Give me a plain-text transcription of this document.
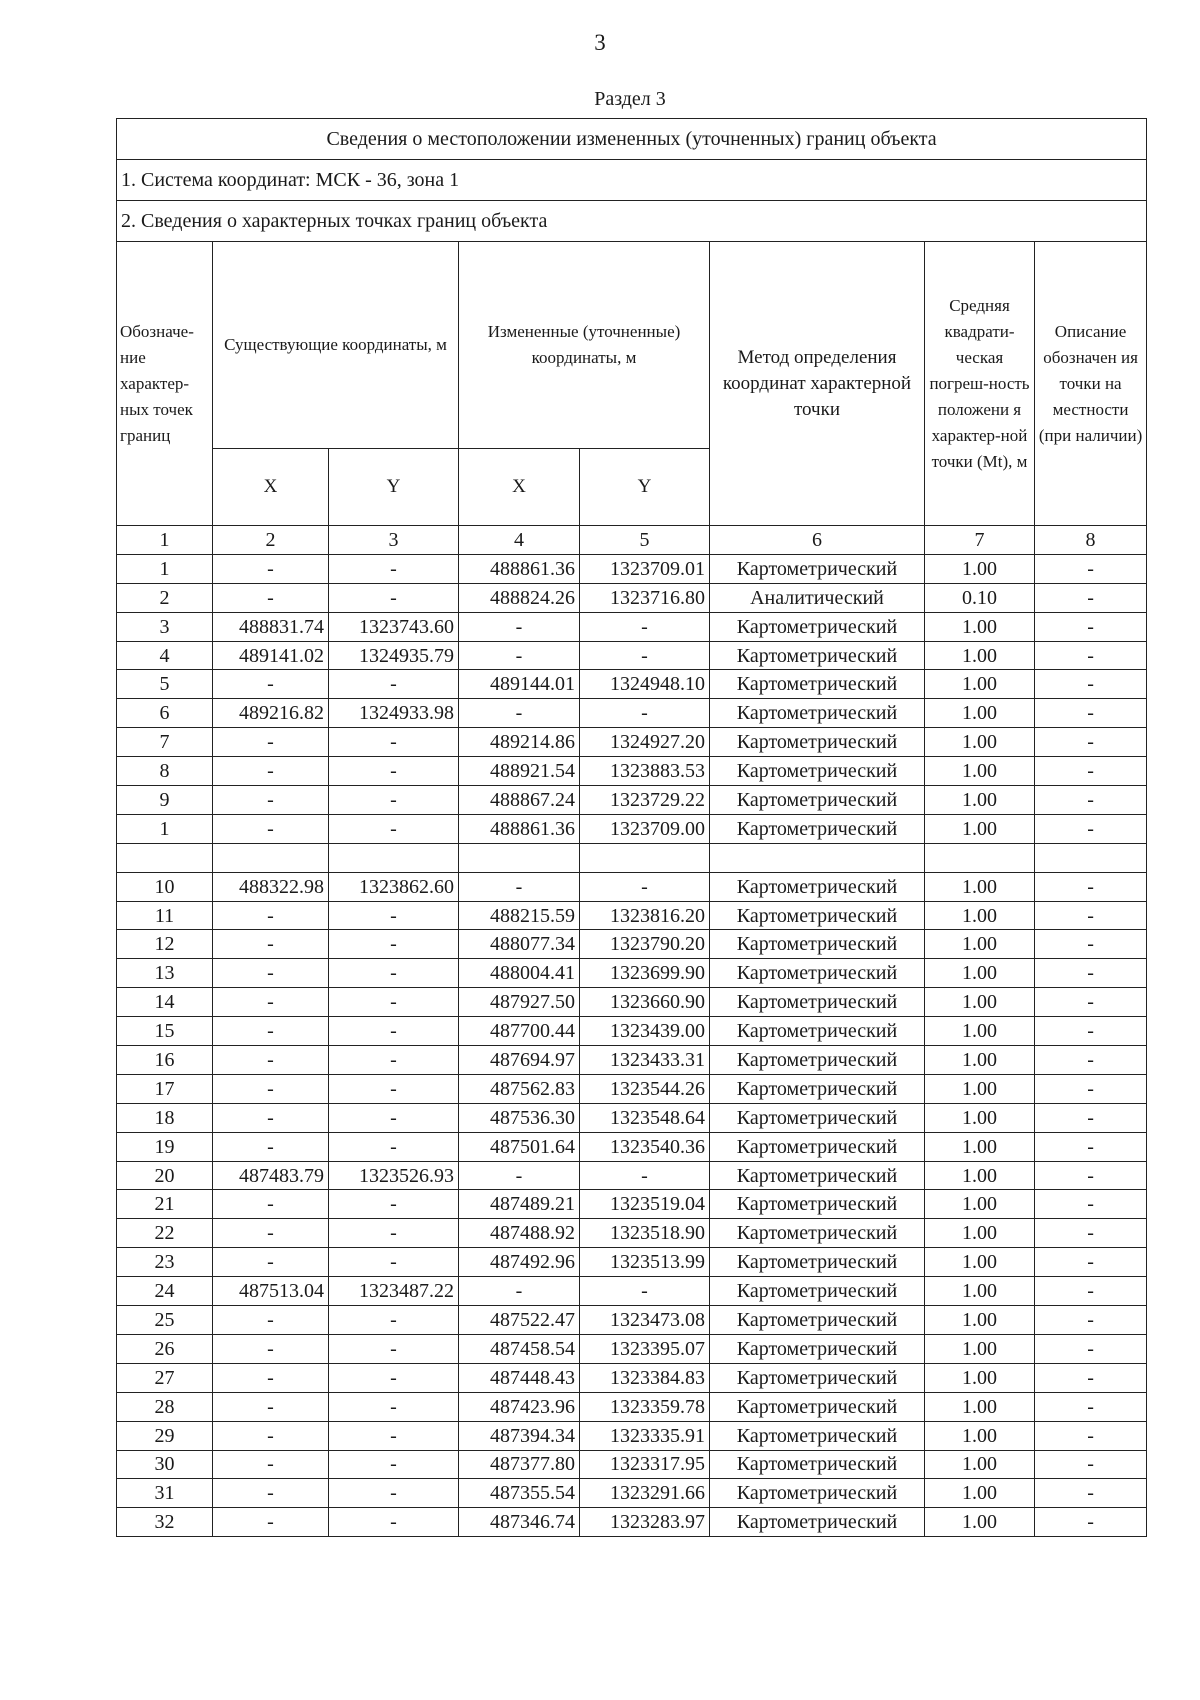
3
Раздел 3
Сведения о местоположении измененных (уточненных) границ объекта							
1. Система координат: МСК - 36, зона 1							
2. Сведения о характерных точках границ объекта							
Обозначе-ние характер-ных точек границ	Существующие координаты, м		Измененные (уточненные) координаты, м		Метод определения координат характерной точки	Средняя квадрати-ческая погреш-ность положени я характер-ной точки (Mt), м	Описание обозначен ия точки на местности (при наличии)
	X	Y	X	Y			
1	2	3	4	5	6	7	8
1	-	-	488861.36	1323709.01	Картометрический	1.00	-
2	-	-	488824.26	1323716.80	Аналитический	0.10	-
3	488831.74	1323743.60	-	-	Картометрический	1.00	-
4	489141.02	1324935.79	-	-	Картометрический	1.00	-
5	-	-	489144.01	1324948.10	Картометрический	1.00	-
6	489216.82	1324933.98	-	-	Картометрический	1.00	-
7	-	-	489214.86	1324927.20	Картометрический	1.00	-
8	-	-	488921.54	1323883.53	Картометрический	1.00	-
9	-	-	488867.24	1323729.22	Картометрический	1.00	-
1	-	-	488861.36	1323709.00	Картометрический	1.00	-

10	488322.98	1323862.60	-	-	Картометрический	1.00	-
11	-	-	488215.59	1323816.20	Картометрический	1.00	-
12	-	-	488077.34	1323790.20	Картометрический	1.00	-
13	-	-	488004.41	1323699.90	Картометрический	1.00	-
14	-	-	487927.50	1323660.90	Картометрический	1.00	-
15	-	-	487700.44	1323439.00	Картометрический	1.00	-
16	-	-	487694.97	1323433.31	Картометрический	1.00	-
17	-	-	487562.83	1323544.26	Картометрический	1.00	-
18	-	-	487536.30	1323548.64	Картометрический	1.00	-
19	-	-	487501.64	1323540.36	Картометрический	1.00	-
20	487483.79	1323526.93	-	-	Картометрический	1.00	-
21	-	-	487489.21	1323519.04	Картометрический	1.00	-
22	-	-	487488.92	1323518.90	Картометрический	1.00	-
23	-	-	487492.96	1323513.99	Картометрический	1.00	-
24	487513.04	1323487.22	-	-	Картометрический	1.00	-
25	-	-	487522.47	1323473.08	Картометрический	1.00	-
26	-	-	487458.54	1323395.07	Картометрический	1.00	-
27	-	-	487448.43	1323384.83	Картометрический	1.00	-
28	-	-	487423.96	1323359.78	Картометрический	1.00	-
29	-	-	487394.34	1323335.91	Картометрический	1.00	-
30	-	-	487377.80	1323317.95	Картометрический	1.00	-
31	-	-	487355.54	1323291.66	Картометрический	1.00	-
32	-	-	487346.74	1323283.97	Картометрический	1.00	-
